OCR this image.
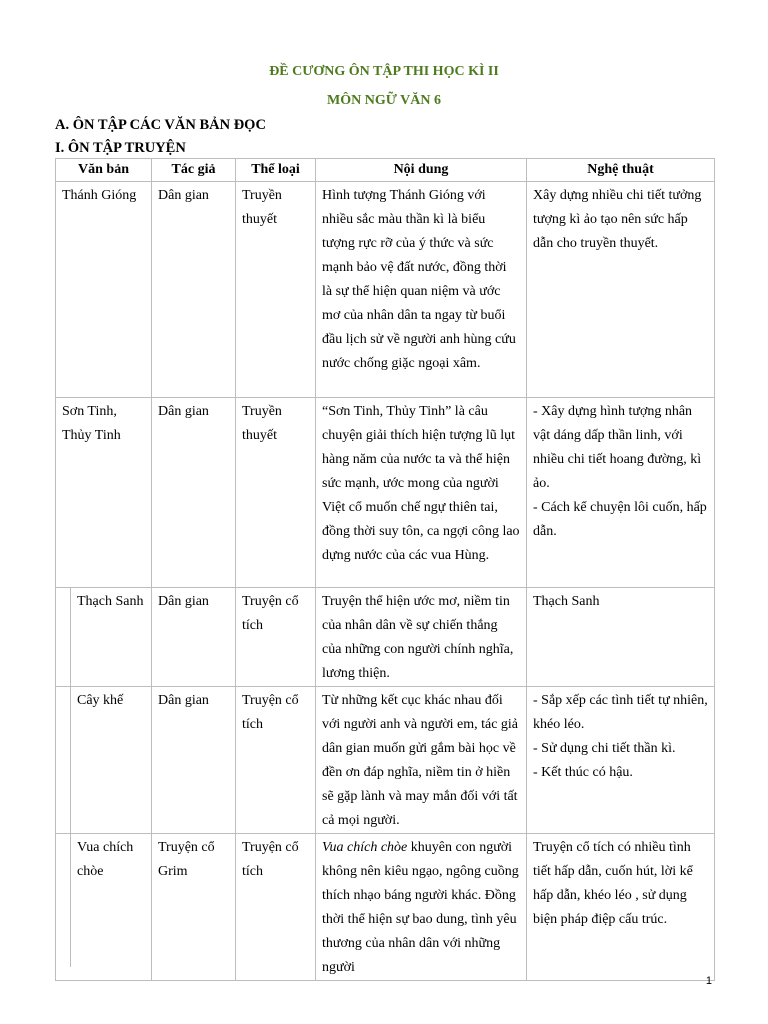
ĐỀ CƯƠNG ÔN TẬP THI HỌC KÌ II
MÔN NGỮ VĂN 6
A. ÔN TẬP CÁC VĂN BẢN ĐỌC
I. ÔN TẬP TRUYỆN
Văn bản	Tác giả	Thể loại	Nội dung	Nghệ thuật
Thánh Gióng	Dân gian	Truyền thuyết	Hình tượng Thánh Gióng với nhiều sắc màu thần kì là biểu tượng rực rỡ của ý thức và sức mạnh bảo vệ đất nước, đồng thời là sự thể hiện quan niệm và ước mơ của nhân dân ta ngay từ buổi đầu lịch sử về người anh hùng cứu nước chống giặc ngoại xâm.	Xây dựng nhiều chi tiết tưởng tượng kì ảo tạo nên sức hấp dẫn cho truyền thuyết.
Sơn Tinh, Thủy Tinh	Dân gian	Truyền thuyết	“Sơn Tinh, Thủy Tinh” là câu chuyện giải thích hiện tượng lũ lụt hàng năm của nước ta và thể hiện sức mạnh, ước mong của người Việt cổ muốn chế ngự thiên tai, đồng thời suy tôn, ca ngợi công lao dựng nước của các vua Hùng.	- Xây dựng hình tượng nhân vật dáng dấp thần linh, với nhiều chi tiết hoang đường, kì ảo.
- Cách kể chuyện lôi cuốn, hấp dẫn.

Thạch Sanh	Dân gian	Truyện cổ tích	Truyện thể hiện ước mơ, niềm tin của nhân dân về sự chiến thắng của những con người chính nghĩa, lương thiện.	Thạch Sanh
Cây khế	Dân gian	Truyện cổ tích	Từ những kết cục khác nhau đối với người anh và người em, tác giả dân gian muốn gửi gắm bài học về đền ơn đáp nghĩa, niềm tin ở hiền sẽ gặp lành và may mắn đối với tất cả mọi người.	- Sắp xếp các tình tiết tự nhiên, khéo léo.
- Sử dụng chi tiết thần kì.
- Kết thúc có hậu.

Vua chích chòe	Truyện cổ Grim	Truyện cổ tích	Vua chích chòe khuyên con người không nên kiêu ngạo, ngông cuồng thích nhạo báng người khác. Đồng thời thể hiện sự bao dung, tình yêu thương của nhân dân với những người	Truyện cổ tích có nhiều tình tiết hấp dẫn, cuốn hút, lời kể hấp dẫn, khéo léo , sử dụng biện pháp điệp cấu trúc.
1
